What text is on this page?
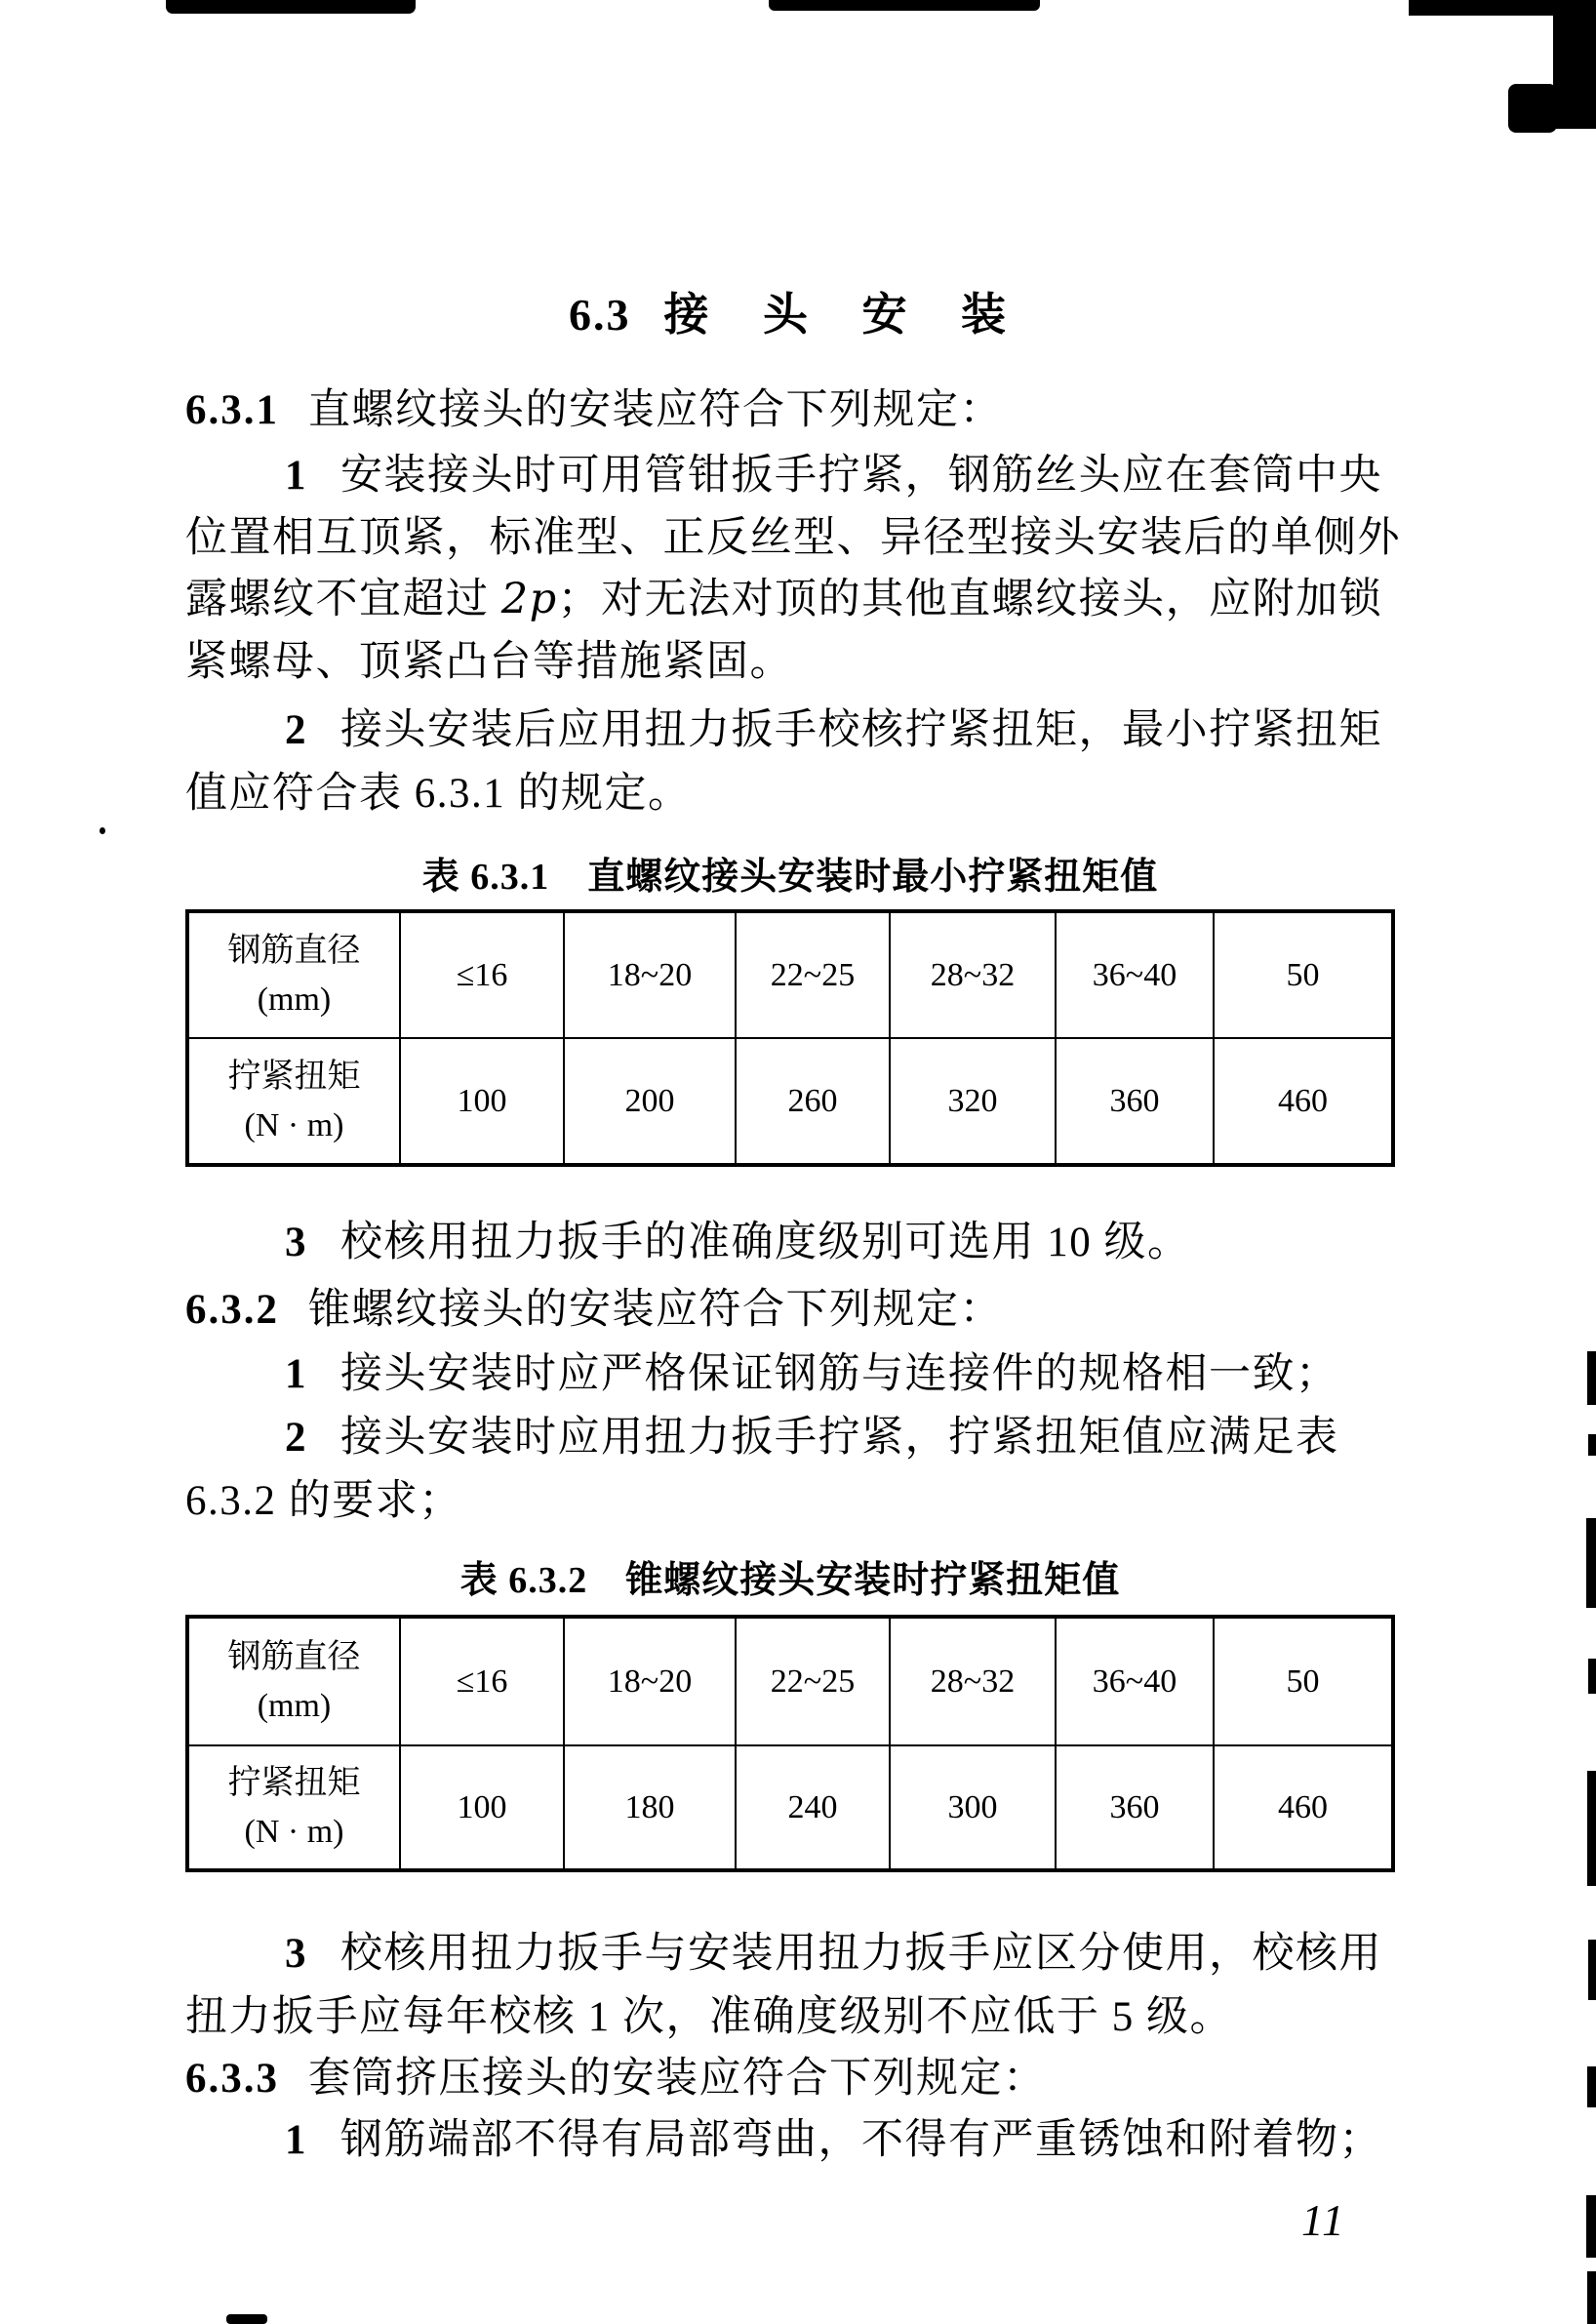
6.3 接 头 安 装
6.3.1 直螺纹接头的安装应符合下列规定：
1 安装接头时可用管钳扳手拧紧，钢筋丝头应在套筒中央
位置相互顶紧，标准型、正反丝型、异径型接头安装后的单侧外
露螺纹不宜超过 2p；对无法对顶的其他直螺纹接头，应附加锁
紧螺母、顶紧凸台等措施紧固。
2 接头安装后应用扭力扳手校核拧紧扭矩，最小拧紧扭矩
值应符合表 6.3.1 的规定。
表 6.3.1　直螺纹接头安装时最小拧紧扭矩值
钢筋直径
(mm)	≤16	18~20	22~25	28~32	36~40	50

拧紧扭矩
(N · m)	100	200	260	320	360	460
3 校核用扭力扳手的准确度级别可选用 10 级。
6.3.2 锥螺纹接头的安装应符合下列规定：
1 接头安装时应严格保证钢筋与连接件的规格相一致；
2 接头安装时应用扭力扳手拧紧，拧紧扭矩值应满足表
6.3.2 的要求；
表 6.3.2　锥螺纹接头安装时拧紧扭矩值
钢筋直径
(mm)	≤16	18~20	22~25	28~32	36~40	50

拧紧扭矩
(N · m)	100	180	240	300	360	460
3 校核用扭力扳手与安装用扭力扳手应区分使用，校核用
扭力扳手应每年校核 1 次，准确度级别不应低于 5 级。
6.3.3 套筒挤压接头的安装应符合下列规定：
1 钢筋端部不得有局部弯曲，不得有严重锈蚀和附着物；
11
